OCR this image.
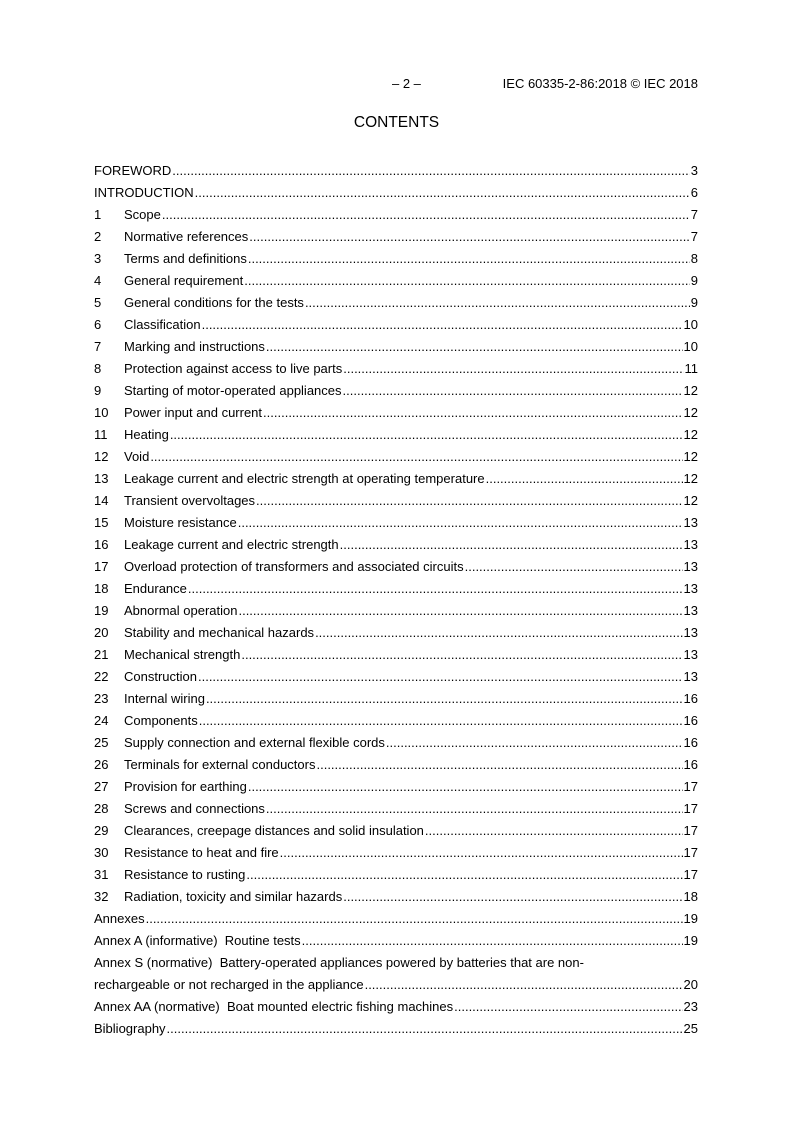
– 2 –	IEC 60335-2-86:2018 © IEC 2018
CONTENTS
FOREWORD .....	3
INTRODUCTION .....	6
1	Scope .....	7
2	Normative references .....	7
3	Terms and definitions .....	8
4	General requirement .....	9
5	General conditions for the tests .....	9
6	Classification .....	10
7	Marking and instructions .....	10
8	Protection against access to live parts .....	11
9	Starting of motor-operated appliances .....	12
10	Power input and current .....	12
11	Heating .....	12
12	Void .....	12
13	Leakage current and electric strength at operating temperature .....	12
14	Transient overvoltages .....	12
15	Moisture resistance .....	13
16	Leakage current and electric strength .....	13
17	Overload protection of transformers and associated circuits .....	13
18	Endurance .....	13
19	Abnormal operation .....	13
20	Stability and mechanical hazards .....	13
21	Mechanical strength .....	13
22	Construction .....	13
23	Internal wiring .....	16
24	Components .....	16
25	Supply connection and external flexible cords .....	16
26	Terminals for external conductors .....	16
27	Provision for earthing .....	17
28	Screws and connections .....	17
29	Clearances, creepage distances and solid insulation .....	17
30	Resistance to heat and fire .....	17
31	Resistance to rusting .....	17
32	Radiation, toxicity and similar hazards .....	18
Annexes .....	19
Annex A (informative)  Routine tests .....	19
Annex S (normative)  Battery-operated appliances powered by batteries that are non-
rechargeable or not recharged in the appliance .....	20
Annex AA (normative)  Boat mounted electric fishing machines .....	23
Bibliography .....	25
